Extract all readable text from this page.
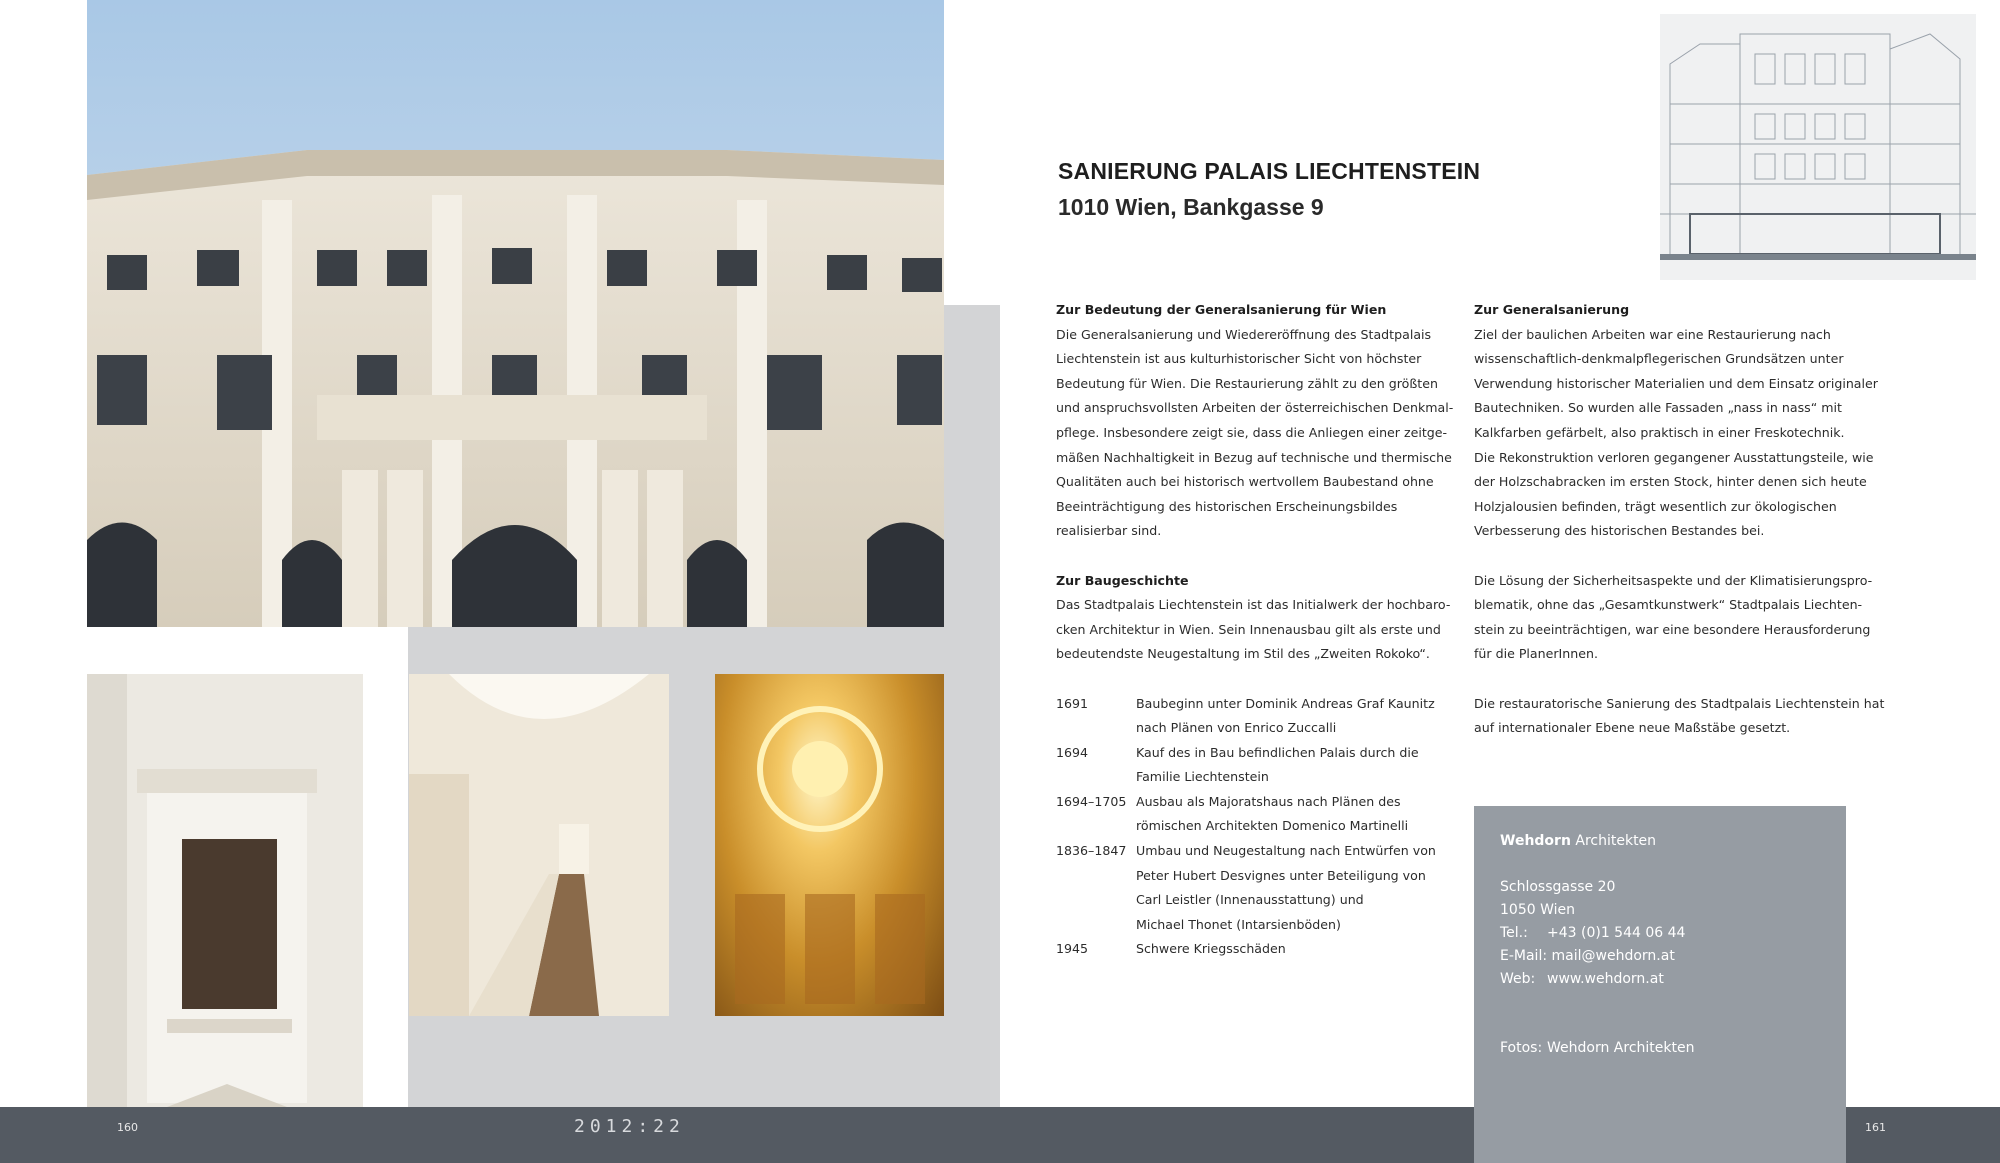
SANIERUNG PALAIS LIECHTENSTEIN
1010 Wien, Bankgasse 9
Zur Bedeutung der Generalsanierung für Wien

Die Generalsanierung und Wiedereröffnung des Stadtpalais

Liechtenstein ist aus kulturhistorischer Sicht von höchster

Bedeutung für Wien. Die Restaurierung zählt zu den größten

und anspruchsvollsten Arbeiten der österreichischen Denkmal-

pflege. Insbesondere zeigt sie, dass die Anliegen einer zeitge-

mäßen Nachhaltigkeit in Bezug auf technische und thermische

Qualitäten auch bei historisch wertvollem Baubestand ohne

Beeinträchtigung des historischen Erscheinungsbildes

realisierbar sind.

Zur Baugeschichte

Das Stadtpalais Liechtenstein ist das Initialwerk der hochbaro-

cken Architektur in Wien. Sein Innenausbau gilt als erste und

bedeutendste Neugestaltung im Stil des „Zweiten Rokoko“.

1691	Baubeginn unter Dominik Andreas Graf Kaunitz

nach Plänen von Enrico Zuccalli

1694	Kauf des in Bau befindlichen Palais durch die

Familie Liechtenstein

1694–1705 Ausbau als Majoratshaus nach Plänen des

römischen Architekten Domenico Martinelli

1836–1847 Umbau und Neugestaltung nach Entwürfen von

Peter Hubert Desvignes unter Beteiligung von

Carl Leistler (Innenausstattung) und

Michael Thonet (Intarsienböden)

1945	Schwere Kriegsschäden

Zur Generalsanierung

Ziel der baulichen Arbeiten war eine Restaurierung nach

wissenschaftlich-denkmalpflegerischen Grundsätzen unter

Verwendung historischer Materialien und dem Einsatz originaler

Bautechniken. So wurden alle Fassaden „nass in nass“ mit

Kalkfarben gefärbelt, also praktisch in einer Freskotechnik.

Die Rekonstruktion verloren gegangener Ausstattungsteile, wie

der Holzschabracken im ersten Stock, hinter denen sich heute

Holzjalousien befinden, trägt wesentlich zur ökologischen

Verbesserung des historischen Bestandes bei.

Die Lösung der Sicherheitsaspekte und der Klimatisierungspro-

blematik, ohne das „Gesamtkunstwerk“ Stadtpalais Liechten-

stein zu beeinträchtigen, war eine besondere Herausforderung

für die PlanerInnen.

Die restauratorische Sanierung des Stadtpalais Liechtenstein hat

auf internationaler Ebene neue Maßstäbe gesetzt.

160	2012:22	161
Wehdorn Architekten
Schlossgasse 20
1050 Wien
Tel.:	+43 (0)1 544 06 44
E-Mail:
mail@wehdorn.at
Web: www.wehdorn.at
Fotos: Wehdorn Architekten
